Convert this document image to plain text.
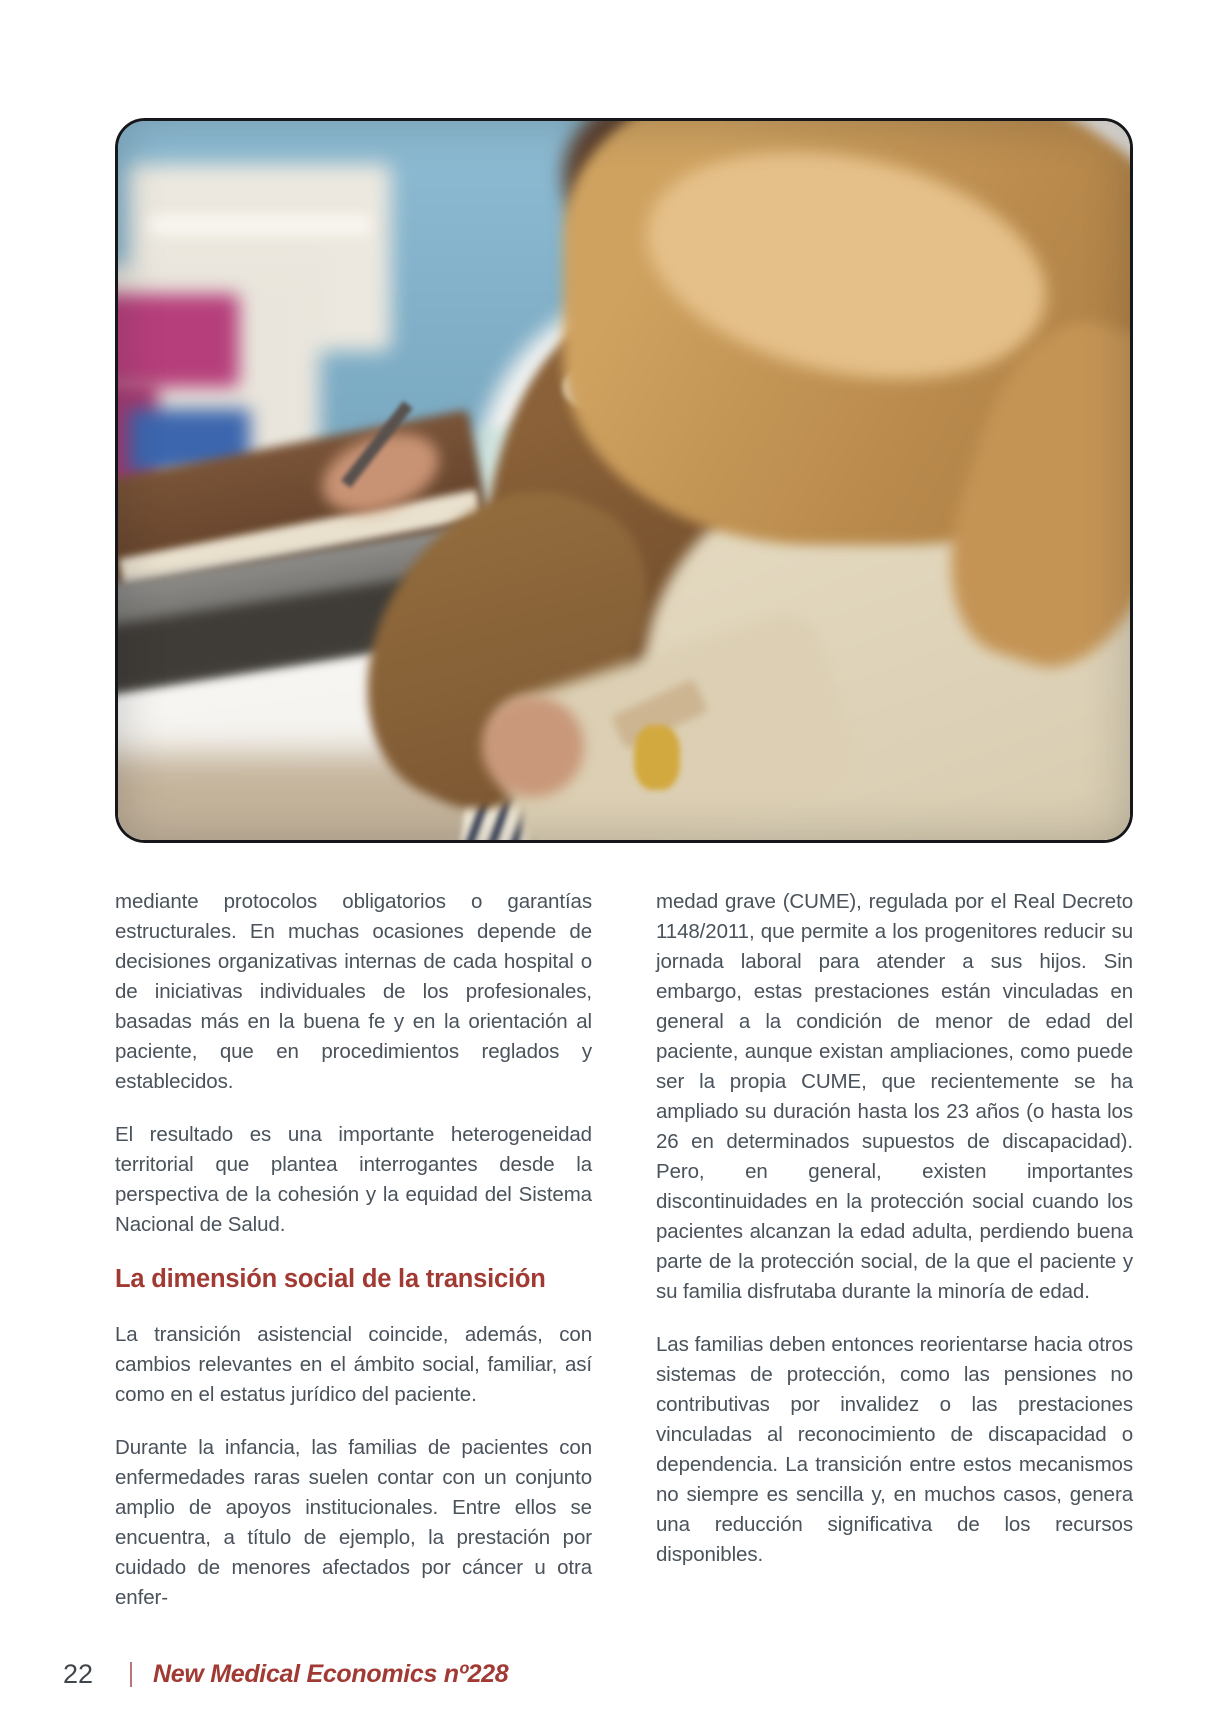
mediante protocolos obligatorios o garantías estructurales. En muchas ocasiones depende de decisiones organizativas internas de cada hospital o de iniciativas individuales de los profesionales, basadas más en la buena fe y en la orientación al paciente, que en procedimientos reglados y establecidos.

El resultado es una importante heterogeneidad territorial que plantea interrogantes desde la perspectiva de la cohesión y la equidad del Sistema Nacional de Salud.

La dimensión social de la transición

La transición asistencial coincide, además, con cambios relevantes en el ámbito social, familiar, así como en el estatus jurídico del paciente.

Durante la infancia, las familias de pacientes con enfermedades raras suelen contar con un conjunto amplio de apoyos institucionales. Entre ellos se encuentra, a título de ejemplo, la prestación por cuidado de menores afectados por cáncer u otra enfer-

medad grave (CUME), regulada por el Real Decreto 1148/2011, que permite a los progenitores reducir su jornada laboral para atender a sus hijos. Sin embargo, estas prestaciones están vinculadas en general a la condición de menor de edad del paciente, aunque existan ampliaciones, como puede ser la propia CUME, que recientemente se ha ampliado su duración hasta los 23 años (o hasta los 26 en determinados supuestos de discapacidad). Pero, en general, existen importantes discontinuidades en la protección social cuando los pacientes alcanzan la edad adulta, perdiendo buena parte de la protección social, de la que el paciente y su familia disfrutaba durante la minoría de edad.

Las familias deben entonces reorientarse hacia otros sistemas de protección, como las pensiones no contributivas por invalidez o las prestaciones vinculadas al reconocimiento de discapacidad o dependencia. La transición entre estos mecanismos no siempre es sencilla y, en muchos casos, genera una reducción significativa de los recursos disponibles.

22 New Medical Economics nº228
